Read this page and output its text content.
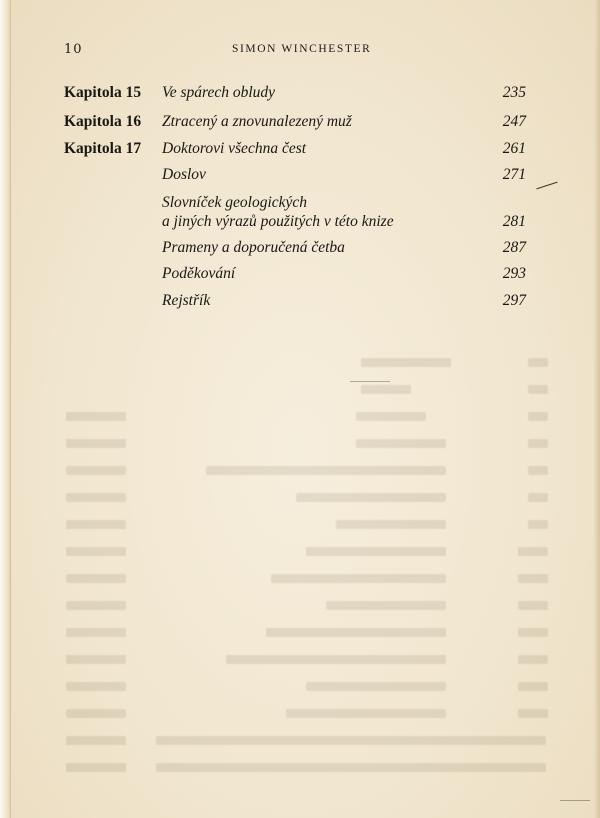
10	SIMON WINCHESTER
Kapitola 15 Ve spárech obludy	235
Kapitola 16 Ztracený a znovunalezený muž	247
Kapitola 17 Doktorovi všechna čest	261
Doslov	271
Slovníček geologických
a jiných výrazů použitých v této knize	281
Prameny a doporučená četba	287
Poděkování	293
Rejstřík	297
